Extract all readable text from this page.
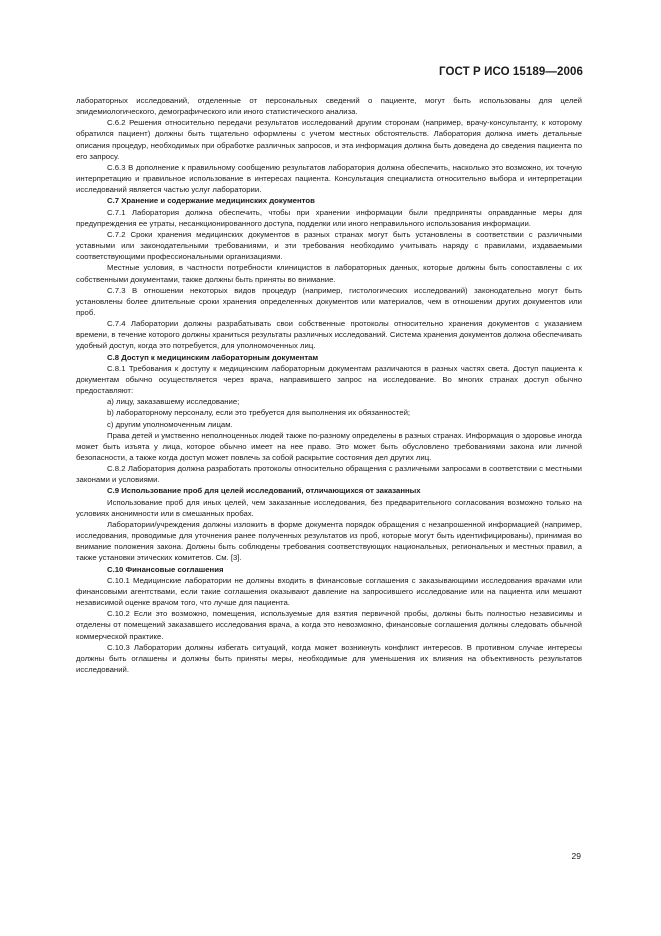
ГОСТ Р ИСО 15189—2006

лабораторных исследований, отделенные от персональных сведений о пациенте, могут быть использованы для целей эпидемиологического, демографического или иного статистического анализа.

С.6.2 Решения относительно передачи результатов исследований другим сторонам (например, врачу-консультанту, к которому обратился пациент) должны быть тщательно оформлены с учетом местных обстоятельств. Лаборатория должна иметь детальные описания процедур, необходимых при обработке различных запросов, и эта информация должна быть доведена до сведения пациента по его запросу.

С.6.3 В дополнение к правильному сообщению результатов лаборатория должна обеспечить, насколько это возможно, их точную интерпретацию и правильное использование в интересах пациента. Консультация специалиста относительно выбора и интерпретации исследований является частью услуг лаборатории.

С.7 Хранение и содержание медицинских документов

С.7.1 Лаборатория должна обеспечить, чтобы при хранении информации были предприняты оправданные меры для предупреждения ее утраты, несанкционированного доступа, подделки или иного неправильного использования информации.

С.7.2 Сроки хранения медицинских документов в разных странах могут быть установлены в соответствии с различными уставными или законодательными требованиями, и эти требования необходимо учитывать наряду с правилами, издаваемыми соответствующими профессиональными организациями.

Местные условия, в частности потребности клиницистов в лабораторных данных, которые должны быть сопоставлены с их собственными документами, также должны быть приняты во внимание.

С.7.3 В отношении некоторых видов процедур (например, гистологических исследований) законодательно могут быть установлены более длительные сроки хранения определенных документов или материалов, чем в отношении других документов или проб.

С.7.4 Лаборатории должны разрабатывать свои собственные протоколы относительно хранения документов с указанием времени, в течение которого должны храниться результаты различных исследований. Система хранения документов должна обеспечивать удобный доступ, когда это потребуется, для уполномоченных лиц.

С.8 Доступ к медицинским лабораторным документам

С.8.1 Требования к доступу к медицинским лабораторным документам различаются в разных частях света. Доступ пациента к документам обычно осуществляется через врача, направившего запрос на исследование. Во многих странах доступ обычно предоставляют:

а) лицу, заказавшему исследование;

b) лабораторному персоналу, если это требуется для выполнения их обязанностей;

с) другим уполномоченным лицам.

Права детей и умственно неполноценных людей также по-разному определены в разных странах. Информация о здоровье иногда может быть изъята у лица, которое обычно имеет на нее право. Это может быть обусловлено требованиями закона или личной безопасности, а также когда доступ может повлечь за собой раскрытие состояния дел других лиц.

С.8.2 Лаборатория должна разработать протоколы относительно обращения с различными запросами в соответствии с местными законами и условиями.

С.9 Использование проб для целей исследований, отличающихся от заказанных

Использование проб для иных целей, чем заказанные исследования, без предварительного согласования возможно только на условиях анонимности или в смешанных пробах.

Лаборатории/учреждения должны изложить в форме документа порядок обращения с незапрошенной информацией (например, исследования, проводимые для уточнения ранее полученных результатов из проб, которые могут быть идентифицированы), принимая во внимание положения закона. Должны быть соблюдены требования соответствующих национальных, региональных и местных правил, а также установки этических комитетов. См. [3].

С.10 Финансовые соглашения

С.10.1 Медицинские лаборатории не должны входить в финансовые соглашения с заказывающими исследования врачами или финансовыми агентствами, если такие соглашения оказывают давление на запросившего исследование или на пациента или мешают независимой оценке врачом того, что лучше для пациента.

С.10.2 Если это возможно, помещения, используемые для взятия первичной пробы, должны быть полностью независимы и отделены от помещений заказавшего исследования врача, а когда это невозможно, финансовые соглашения должны следовать обычной коммерческой практике.

С.10.3 Лаборатории должны избегать ситуаций, когда может возникнуть конфликт интересов. В противном случае интересы должны быть оглашены и должны быть приняты меры, необходимые для уменьшения их влияния на объективность результатов исследований.

29
